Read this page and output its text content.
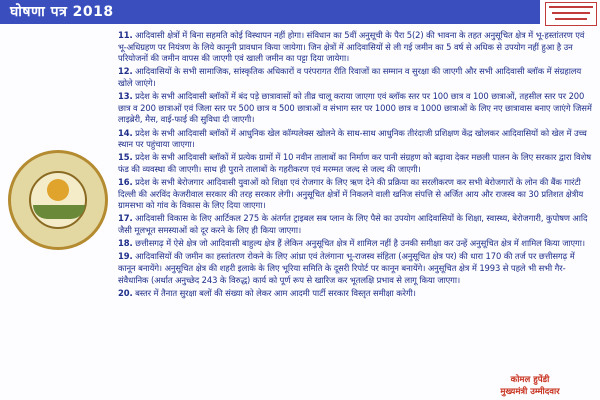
घोषणा पत्र 2018
11. आदिवासी क्षेत्रों में बिना सहमति कोई विस्थापन नहीं होगा। संविधान का 5वीं अनुसूची के पैरा 5(2) की भावना के तहत अनुसूचित क्षेत्र में भू-हस्तांतरण एवं भू-अधिग्रहण पर नियंत्रण के लिये कानूनी प्रावधान किया जायेगा। जिन क्षेत्रों में आदिवासियों से ली गई जमीन का 5 वर्ष से अधिक से उपयोग नहीं हुआ है उन परियोजनों की जमीन वापस की जाएगी एवं खाली जमीन का पट्टा दिया जायेगा।
12. आदिवासियों के सभी सामाजिक, सांस्कृतिक अधिकारों व परंपरागत रीति रिवाजों का सम्मान व सुरक्षा की जाएगी और सभी आदिवासी ब्लॉक में संग्रहालय खोले जाएंगे।
13. प्रदेश के सभी आदिवासी ब्लॉकों में बंद पड़े छात्रावासों को तीव्र चालू कराया जाएगा एवं ब्लॉक स्तर पर 100 छात्र व 100 छात्राओं, तहसील स्तर पर 200 छात्र व 200 छात्राओं एवं जिला स्तर पर 500 छात्र व 500 छात्राओं व संभाग स्तर पर 1000 छात्र व 1000 छात्राओं के लिए नए छात्रावास बनाए जाएंगे जिसमें लाइब्रेरी, मैस, वाई-फाई की सुविधा दी जाएगी।
14. प्रदेश के सभी आदिवासी ब्लॉकों में आधुनिक खेल कॉम्पलेक्स खोलने के साथ-साथ आधुनिक तीरंदाजी प्रशिक्षण केंद्र खोलकर आदिवासियों को खेल में उच्च स्थान पर पहुंचाया जाएगा।
15. प्रदेश के सभी आदिवासी ब्लॉकों में प्रत्येक ग्रामों में 10 नवीन तालाबों का निर्माण कर पानी संग्रहण को बढ़ावा देकर मछली पालन के लिए सरकार द्वारा विशेष फंड की व्यवस्था की जाएगी। साथ ही पुराने तालाबों के गहरीकरण एवं मरम्मत जल्द से जल्द की जाएगी।
16. प्रदेश के सभी बेरोजगार आदिवासी युवाओं को शिक्षा एवं रोजगार के लिए ऋण देने की प्रक्रिया का सरलीकरण कर सभी बेरोजगारों के लोन की बैंक गारंटी दिल्ली की अरविंद केजरीवाल सरकार की तरह सरकार लेगी। अनुसूचित क्षेत्रों में निकलने वाली खनिज संपत्ति से अर्जित आय और राजस्व का 30 प्रतिशत क्षेत्रीय ग्रामसभा को गांव के विकास के लिए दिया जाएगा।
17. आदिवासी विकास के लिए आर्टिकल 275 के अंतर्गत ट्राइबल सब प्लान के लिए पैसे का उपयोग आदिवासियों के शिक्षा, स्वास्थ्य, बेरोजगारी, कुपोषण आदि जैसी मूलभूत समस्याओं को दूर करने के लिए ही किया जाएगा।
18. छत्तीसगढ़ में ऐसे क्षेत्र जो आदिवासी बाहुल्य क्षेत्र हैं लेकिन अनुसूचित क्षेत्र में शामिल नहीं है उनकी समीक्षा कर उन्हें अनुसूचित क्षेत्र में शामिल किया जाएगा।
19. आदिवासियों की जमीन का हस्तांतरण रोकने के लिए आंध्रा एवं तेलंगाना भू-राजस्व संहिता (अनुसूचित क्षेत्र पर) की धारा 170 की तर्ज पर छत्तीसगढ़ में कानून बनायेंगे। अनुसूचित क्षेत्र की शहरी इलाके के लिए भूरिया समिति के दूसरी रिपोर्ट पर कानून बनायेंगे। अनुसूचित क्षेत्र में 1993 से पहले भी सभी गैर-संवैधानिक (अर्थात अनुच्छेद 243 के विरुद्ध) कार्य को पूर्ण रूप से खारिज कर भूतलक्षि प्रभाव से लागू किया जाएगा।
20. बस्तर में तैनात सुरक्षा बलों की संख्या को लेकर आम आदमी पार्टी सरकार विस्तृत समीक्षा करेगी।
कोमल हुपेंडी
मुख्यमंत्री उम्मीदवार
